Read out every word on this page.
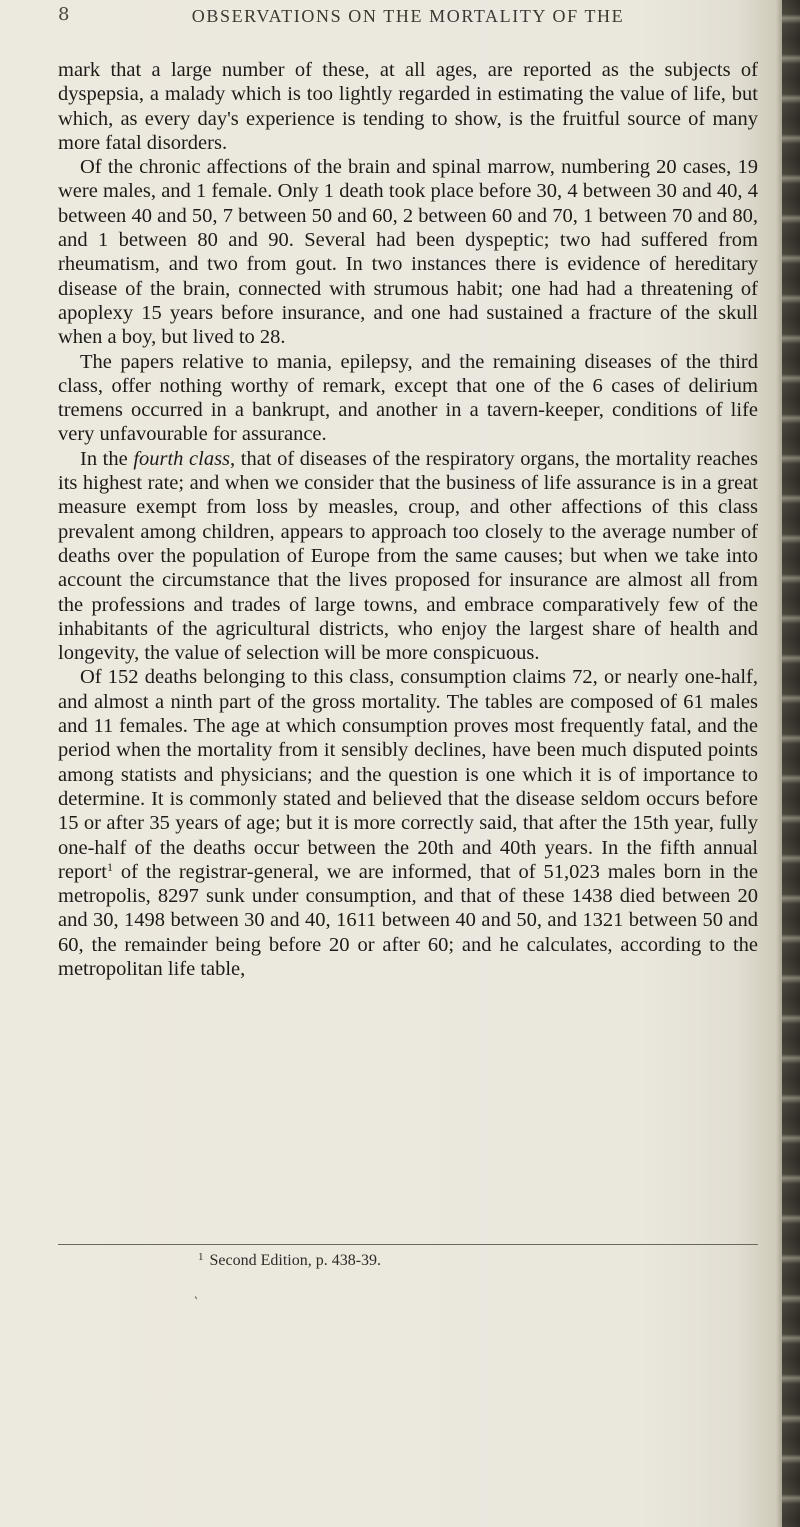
8	OBSERVATIONS ON THE MORTALITY OF THE

mark that a large number of these, at all ages, are reported as the subjects of dyspepsia, a malady which is too lightly regarded in estimating the value of life, but which, as every day's experience is tending to show, is the fruitful source of many more fatal disorders.

Of the chronic affections of the brain and spinal marrow, numbering 20 cases, 19 were males, and 1 female. Only 1 death took place before 30, 4 between 30 and 40, 4 between 40 and 50, 7 between 50 and 60, 2 between 60 and 70, 1 between 70 and 80, and 1 between 80 and 90. Several had been dyspeptic; two had suffered from rheumatism, and two from gout. In two instances there is evidence of hereditary disease of the brain, connected with strumous habit; one had had a threatening of apoplexy 15 years before insurance, and one had sustained a fracture of the skull when a boy, but lived to 28.

The papers relative to mania, epilepsy, and the remaining diseases of the third class, offer nothing worthy of remark, except that one of the 6 cases of delirium tremens occurred in a bankrupt, and another in a tavern-keeper, conditions of life very unfavourable for assurance.

In the fourth class, that of diseases of the respiratory organs, the mortality reaches its highest rate; and when we consider that the business of life assurance is in a great measure exempt from loss by measles, croup, and other affections of this class prevalent among children, appears to approach too closely to the average number of deaths over the population of Europe from the same causes; but when we take into account the circumstance that the lives proposed for insurance are almost all from the professions and trades of large towns, and embrace comparatively few of the inhabitants of the agricultural districts, who enjoy the largest share of health and longevity, the value of selection will be more conspicuous.

Of 152 deaths belonging to this class, consumption claims 72, or nearly one-half, and almost a ninth part of the gross mortality. The tables are composed of 61 males and 11 females. The age at which consumption proves most frequently fatal, and the period when the mortality from it sensibly declines, have been much disputed points among statists and physicians; and the question is one which it is of importance to determine. It is commonly stated and believed that the disease seldom occurs before 15 or after 35 years of age; but it is more correctly said, that after the 15th year, fully one-half of the deaths occur between the 20th and 40th years. In the fifth annual report$^1$ of the registrar-general, we are informed, that of 51,023 males born in the metropolis, 8297 sunk under consumption, and that of these 1438 died between 20 and 30, 1498 between 30 and 40, 1611 between 40 and 50, and 1321 between 50 and 60, the remainder being before 20 or after 60; and he calculates, according to the metropolitan life table,

$^1$ Second Edition, p. 438-39.
